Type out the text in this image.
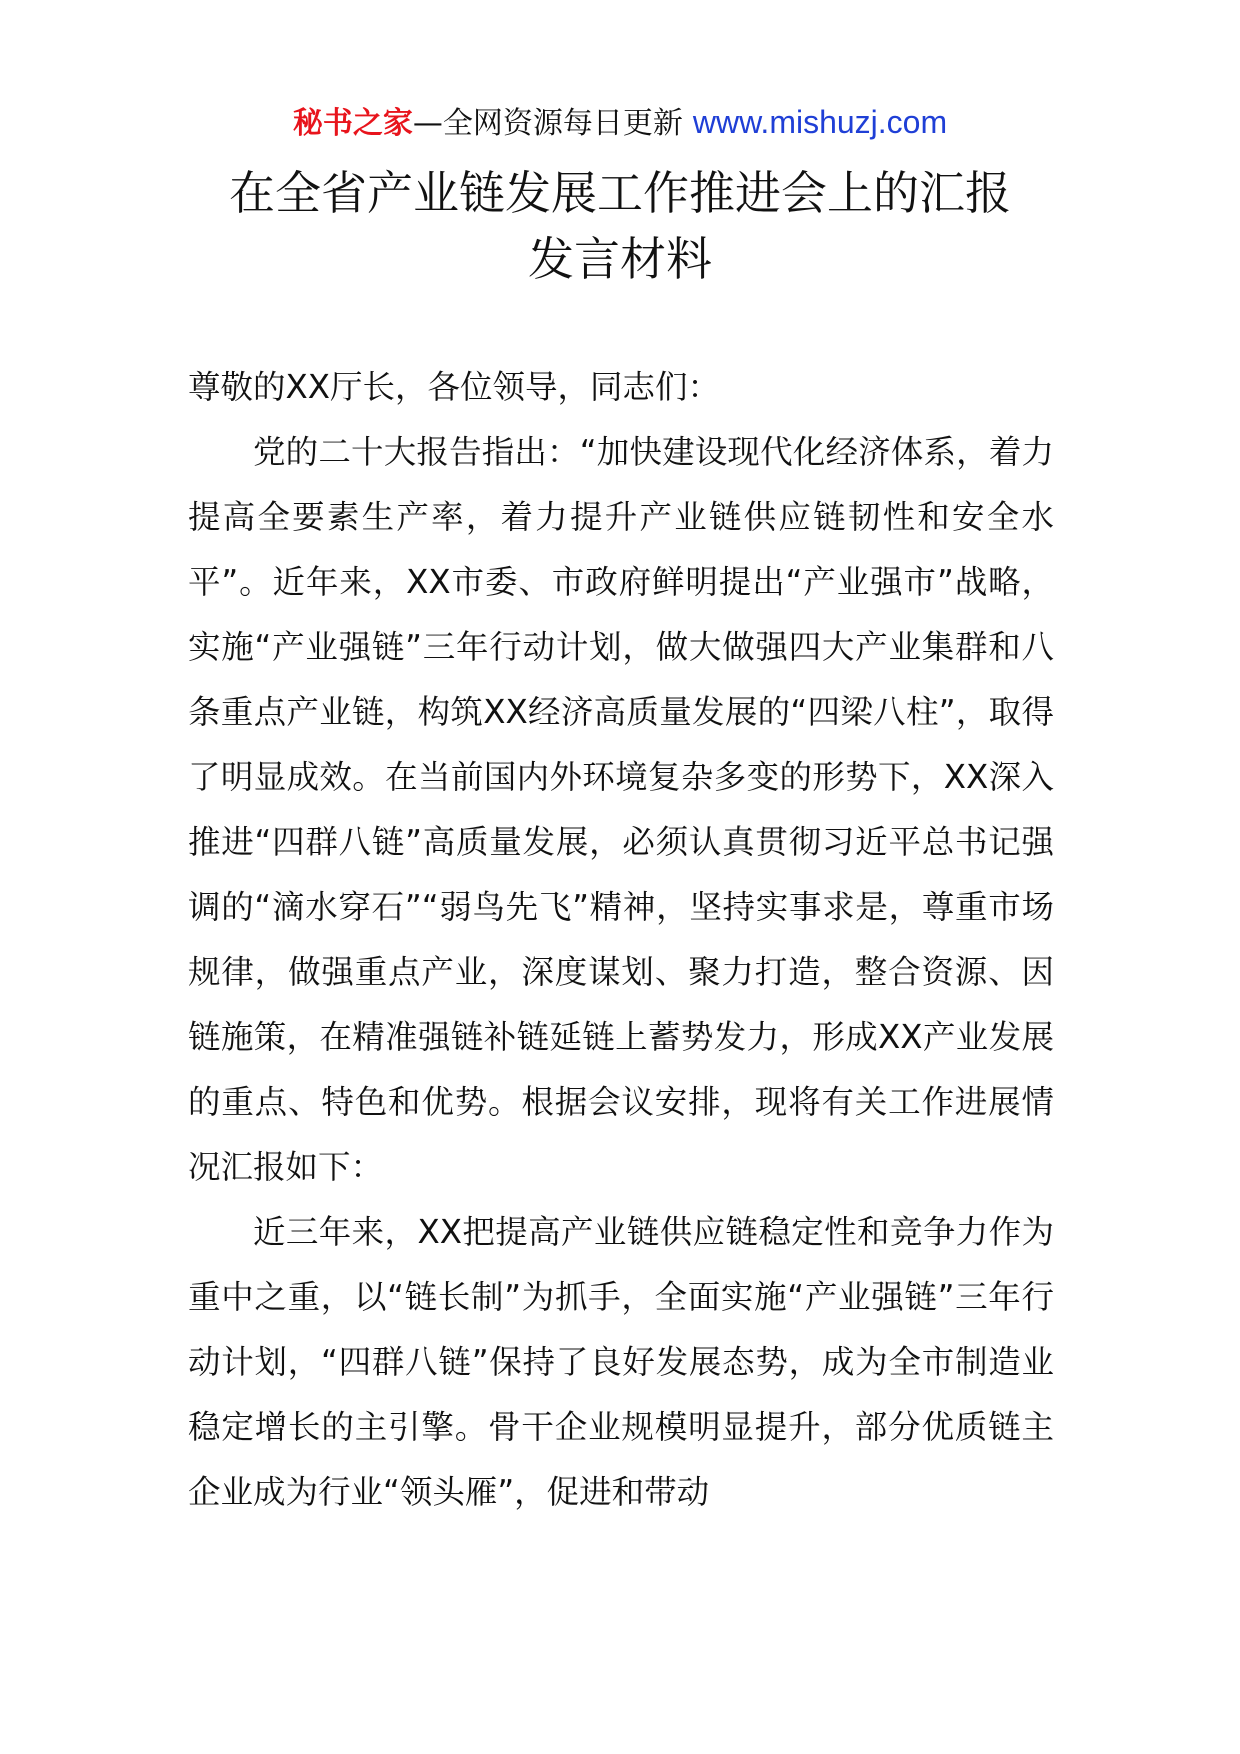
秘书之家—全网资源每日更新 www.mishuzj.com
在全省产业链发展工作推进会上的汇报
发言材料

尊敬的XX厅长，各位领导，同志们：

党的二十大报告指出：“加快建设现代化经济体系，着力提高全要素生产率，着力提升产业链供应链韧性和安全水平”。近年来，XX市委、市政府鲜明提出“产业强市”战略，实施“产业强链”三年行动计划，做大做强四大产业集群和八条重点产业链，构筑XX经济高质量发展的“四梁八柱”，取得了明显成效。在当前国内外环境复杂多变的形势下，XX深入推进“四群八链”高质量发展，必须认真贯彻习近平总书记强调的“滴水穿石”“弱鸟先飞”精神，坚持实事求是，尊重市场规律，做强重点产业，深度谋划、聚力打造，整合资源、因链施策，在精准强链补链延链上蓄势发力，形成XX产业发展的重点、特色和优势。根据会议安排，现将有关工作进展情况汇报如下：

近三年来，XX把提高产业链供应链稳定性和竞争力作为重中之重，以“链长制”为抓手，全面实施“产业强链”三年行动计划，“四群八链”保持了良好发展态势，成为全市制造业稳定增长的主引擎。骨干企业规模明显提升，部分优质链主企业成为行业“领头雁”，促进和带动
